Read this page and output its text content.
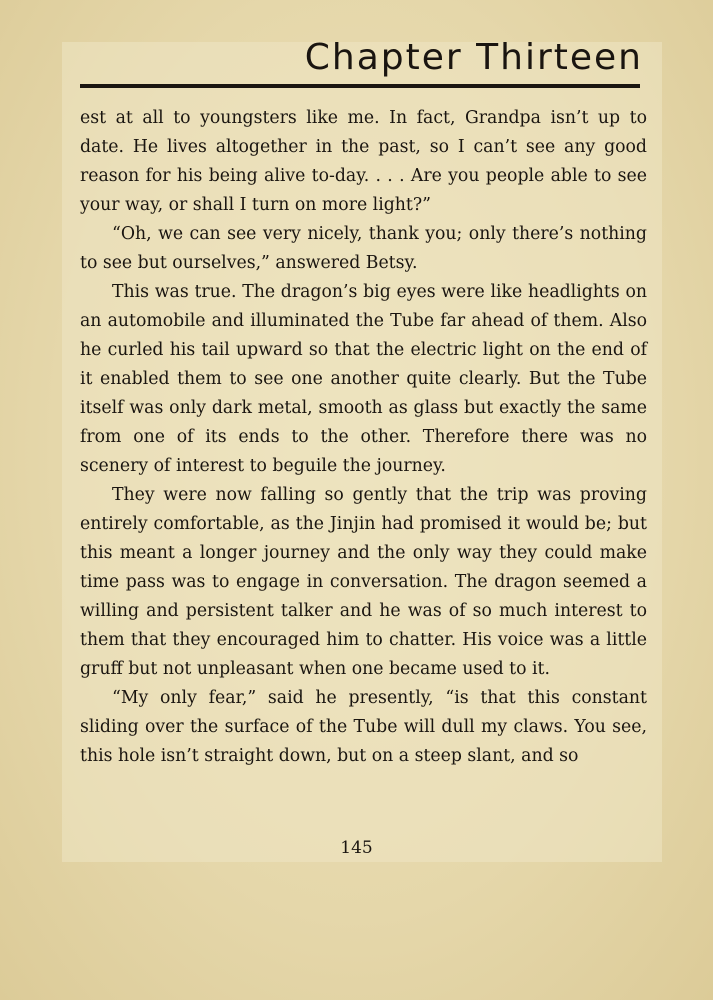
Chapter Thirteen

est at all to youngsters like me. In fact, Grandpa isn’t up to date. He lives altogether in the past, so I can’t see any good reason for his being alive to-day. . . . Are you people able to see your way, or shall I turn on more light?”

“Oh, we can see very nicely, thank you; only there’s nothing to see but ourselves,” answered Betsy.

This was true. The dragon’s big eyes were like headlights on an automobile and illuminated the Tube far ahead of them. Also he curled his tail upward so that the electric light on the end of it enabled them to see one another quite clearly. But the Tube itself was only dark metal, smooth as glass but exactly the same from one of its ends to the other. Therefore there was no scenery of interest to beguile the journey.

They were now falling so gently that the trip was proving entirely comfortable, as the Jinjin had promised it would be; but this meant a longer journey and the only way they could make time pass was to engage in conversation. The dragon seemed a willing and persistent talker and he was of so much interest to them that they encouraged him to chatter. His voice was a little gruff but not unpleasant when one became used to it.

“My only fear,” said he presently, “is that this constant sliding over the surface of the Tube will dull my claws. You see, this hole isn’t straight down, but on a steep slant, and so

145
